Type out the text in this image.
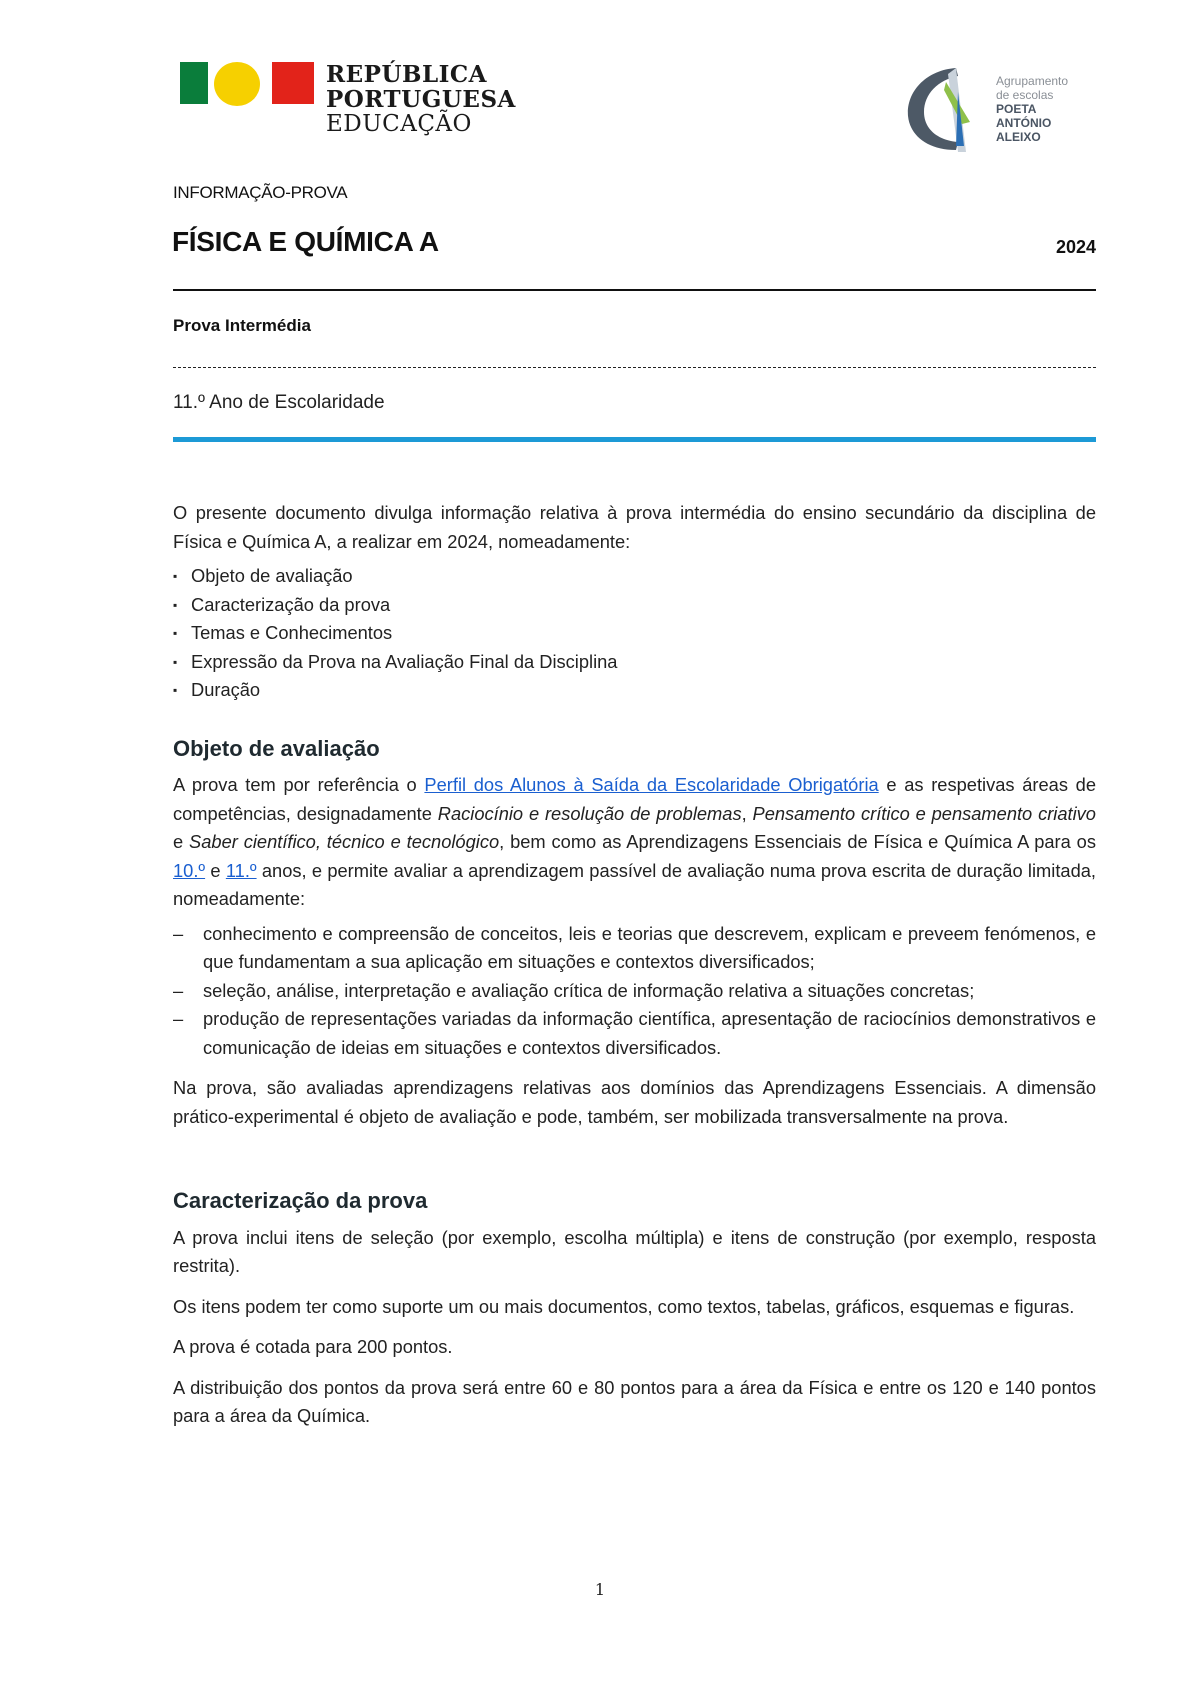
REPÚBLICA
PORTUGUESA
EDUCAÇÃO
Agrupamento
de escolas
POETA
ANTÓNIO ALEIXO
INFORMAÇÃO-PROVA
FÍSICA E QUÍMICA A	2024
Prova Intermédia
11.º Ano de Escolaridade

O presente documento divulga informação relativa à prova intermédia do ensino secundário da disciplina de Física e Química A, a realizar em 2024, nomeadamente:

▪ Objeto de avaliação
▪ Caracterização da prova
▪ Temas e Conhecimentos
▪ Expressão da Prova na Avaliação Final da Disciplina
▪ Duração
Objeto de avaliação

A prova tem por referência o Perfil dos Alunos à Saída da Escolaridade Obrigatória e as respetivas áreas de competências, designadamente Raciocínio e resolução de problemas, Pensamento crítico e pensamento criativo e Saber científico, técnico e tecnológico, bem como as Aprendizagens Essenciais de Física e Química A para os 10.º e 11.º anos, e permite avaliar a aprendizagem passível de avaliação numa prova escrita de duração limitada, nomeadamente:

– conhecimento e compreensão de conceitos, leis e teorias que descrevem, explicam e preveem fenómenos, e que fundamentam a sua aplicação em situações e contextos diversificados;
– seleção, análise, interpretação e avaliação crítica de informação relativa a situações concretas;
– produção de representações variadas da informação científica, apresentação de raciocínios demonstrativos e comunicação de ideias em situações e contextos diversificados.

Na prova, são avaliadas aprendizagens relativas aos domínios das Aprendizagens Essenciais. A dimensão prático-experimental é objeto de avaliação e pode, também, ser mobilizada transversalmente na prova.

Caracterização da prova

A prova inclui itens de seleção (por exemplo, escolha múltipla) e itens de construção (por exemplo, resposta restrita).

Os itens podem ter como suporte um ou mais documentos, como textos, tabelas, gráficos, esquemas e figuras.

A prova é cotada para 200 pontos.

A distribuição dos pontos da prova será entre 60 e 80 pontos para a área da Física e entre os 120 e 140 pontos para a área da Química.

1
